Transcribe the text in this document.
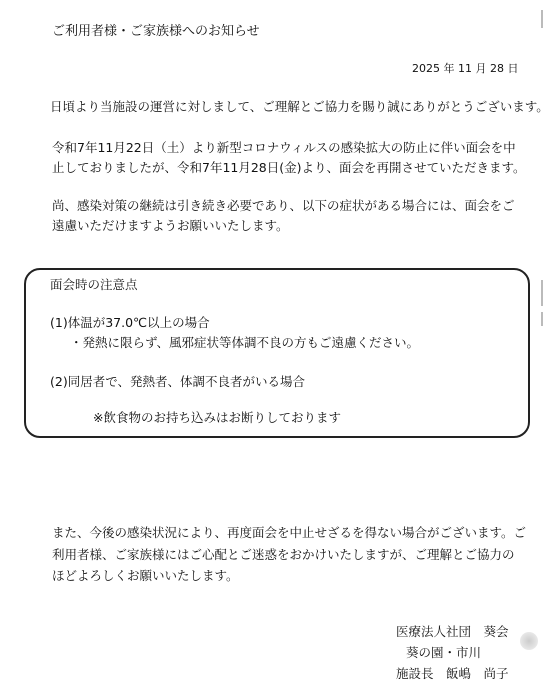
ご利用者様・ご家族様へのお知らせ
2025 年 11 月 28 日
日頃より当施設の運営に対しまして、ご理解とご協力を賜り誠にありがとうございます。
令和7年11月22日（土）より新型コロナウィルスの感染拡大の防止に伴い面会を中
止しておりましたが、令和7年11月28日(金)より、面会を再開させていただきます。
尚、感染対策の継続は引き続き必要であり、以下の症状がある場合には、面会をご
遠慮いただけますようお願いいたします。
面会時の注意点
(1)体温が37.0℃以上の場合
・発熱に限らず、風邪症状等体調不良の方もご遠慮ください。
(2)同居者で、発熱者、体調不良者がいる場合
※飲食物のお持ち込みはお断りしております
また、今後の感染状況により、再度面会を中止せざるを得ない場合がございます。ご
利用者様、ご家族様にはご心配とご迷惑をおかけいたしますが、ご理解とご協力の
ほどよろしくお願いいたします。
医療法人社団　葵会
葵の園・市川
施設長　飯嶋　尚子
